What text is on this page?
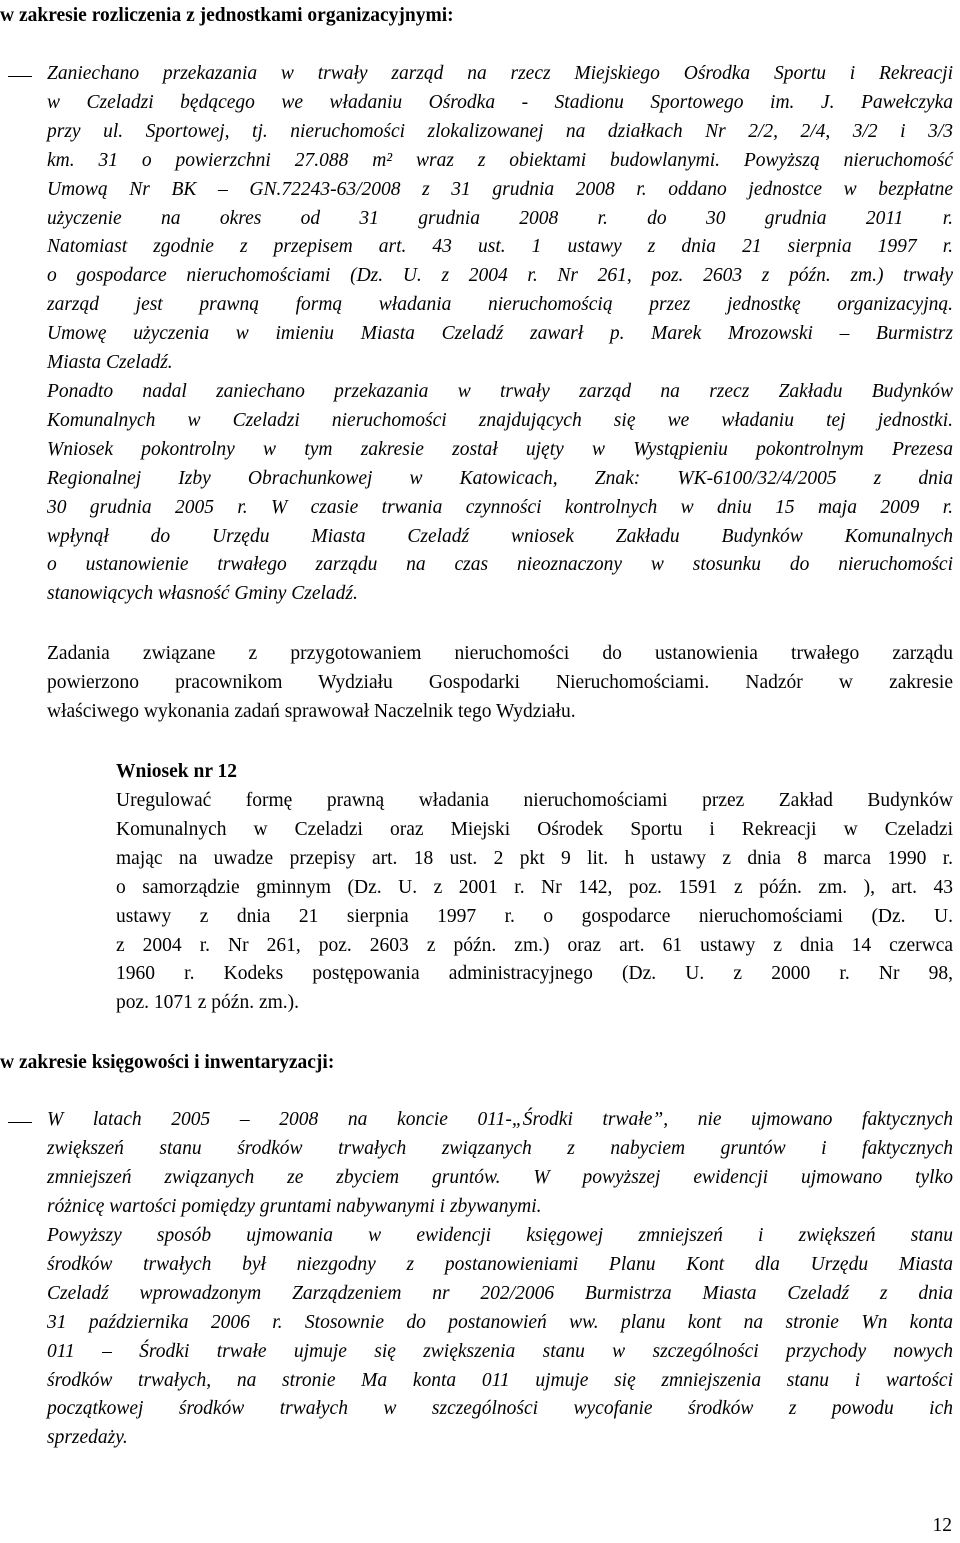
w zakresie rozliczenia z jednostkami organizacyjnymi:
Zaniechano przekazania w trwały zarząd na rzecz Miejskiego Ośrodka Sportu i Rekreacji
w Czeladzi będącego we władaniu Ośrodka - Stadionu Sportowego im. J. Pawełczyka
przy ul. Sportowej, tj. nieruchomości zlokalizowanej na działkach Nr 2/2, 2/4, 3/2 i 3/3
km. 31 o powierzchni 27.088 m² wraz z obiektami budowlanymi. Powyższą nieruchomość
Umową Nr BK – GN.72243-63/2008 z 31 grudnia 2008 r. oddano jednostce w bezpłatne
użyczenie na okres od 31 grudnia 2008 r. do 30 grudnia 2011 r.
Natomiast zgodnie z przepisem art. 43 ust. 1 ustawy z dnia 21 sierpnia 1997 r.
o gospodarce nieruchomościami (Dz. U. z 2004 r. Nr 261, poz. 2603 z późn. zm.) trwały
zarząd jest prawną formą władania nieruchomością przez jednostkę organizacyjną.
Umowę użyczenia w imieniu Miasta Czeladź zawarł p. Marek Mrozowski – Burmistrz
Miasta Czeladź.
Ponadto nadal zaniechano przekazania w trwały zarząd na rzecz Zakładu Budynków
Komunalnych w Czeladzi nieruchomości znajdujących się we władaniu tej jednostki.
Wniosek pokontrolny w tym zakresie został ujęty w Wystąpieniu pokontrolnym Prezesa
Regionalnej Izby Obrachunkowej w Katowicach, Znak: WK-6100/32/4/2005 z dnia
30 grudnia 2005 r. W czasie trwania czynności kontrolnych w dniu 15 maja 2009 r.
wpłynął do Urzędu Miasta Czeladź wniosek Zakładu Budynków Komunalnych
o ustanowienie trwałego zarządu na czas nieoznaczony w stosunku do nieruchomości
stanowiących własność Gminy Czeladź.
Zadania związane z przygotowaniem nieruchomości do ustanowienia trwałego zarządu
powierzono pracownikom Wydziału Gospodarki Nieruchomościami. Nadzór w zakresie
właściwego wykonania zadań sprawował Naczelnik tego Wydziału.

Wniosek nr 12

Uregulować formę prawną władania nieruchomościami przez Zakład Budynków
Komunalnych w Czeladzi oraz Miejski Ośrodek Sportu i Rekreacji w Czeladzi
mając na uwadze przepisy art. 18 ust. 2 pkt 9 lit. h ustawy z dnia 8 marca 1990 r.
o samorządzie gminnym (Dz. U. z 2001 r. Nr 142, poz. 1591 z późn. zm. ), art. 43
ustawy z dnia 21 sierpnia 1997 r. o gospodarce nieruchomościami (Dz. U.
z 2004 r. Nr 261, poz. 2603 z późn. zm.) oraz art. 61 ustawy z dnia 14 czerwca
1960 r. Kodeks postępowania administracyjnego (Dz. U. z 2000 r. Nr 98,
poz. 1071 z późn. zm.).
w zakresie księgowości i inwentaryzacji:
W latach 2005 – 2008 na koncie 011-„Środki trwałe”, nie ujmowano faktycznych
zwiększeń stanu środków trwałych związanych z nabyciem gruntów i faktycznych
zmniejszeń związanych ze zbyciem gruntów. W powyższej ewidencji ujmowano tylko
różnicę wartości pomiędzy gruntami nabywanymi i zbywanymi.
Powyższy sposób ujmowania w ewidencji księgowej zmniejszeń i zwiększeń stanu
środków trwałych był niezgodny z postanowieniami Planu Kont dla Urzędu Miasta
Czeladź wprowadzonym Zarządzeniem nr 202/2006 Burmistrza Miasta Czeladź z dnia
31 października 2006 r. Stosownie do postanowień ww. planu kont na stronie Wn konta
011 – Środki trwałe ujmuje się zwiększenia stanu w szczególności przychody nowych
środków trwałych, na stronie Ma konta 011 ujmuje się zmniejszenia stanu i wartości
początkowej środków trwałych w szczególności wycofanie środków z powodu ich
sprzedaży.

12
